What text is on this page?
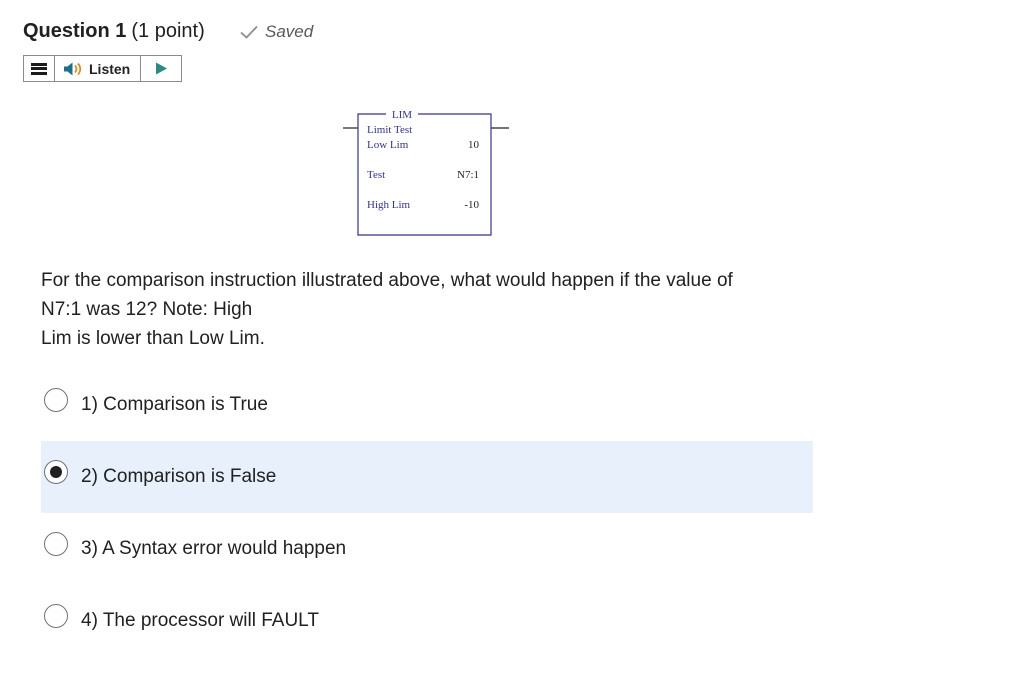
Question 1 (1 point)	Saved
Listen
LIM
Limit Test
Low Lim	10
Test	N7:1
High Lim	-10

For the comparison instruction illustrated above, what would happen if the value of

N7:1 was 12? Note: High

Lim is lower than Low Lim.

1) Comparison is True
2) Comparison is False
3) A Syntax error would happen
4) The processor will FAULT
